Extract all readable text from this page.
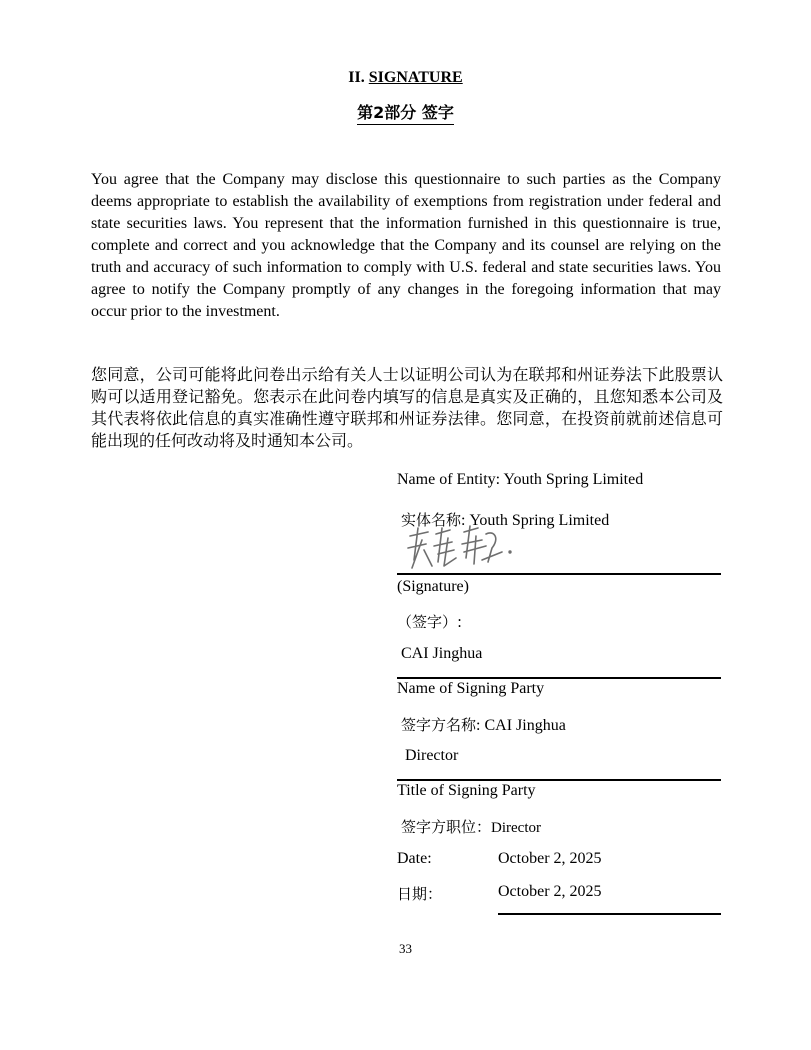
II. SIGNATURE
第2部分 签字
You agree that the Company may disclose this questionnaire to such parties as the Company deems appropriate to establish the availability of exemptions from registration under federal and state securities laws. You represent that the information furnished in this questionnaire is true, complete and correct and you acknowledge that the Company and its counsel are relying on the truth and accuracy of such information to comply with U.S. federal and state securities laws. You agree to notify the Company promptly of any changes in the foregoing information that may occur prior to the investment.
您同意，公司可能将此问卷出示给有关人士以证明公司认为在联邦和州证券法下此股票认购可以适用登记豁免。您表示在此问卷内填写的信息是真实及正确的，且您知悉本公司及其代表将依此信息的真实准确性遵守联邦和州证券法律。您同意，在投资前就前述信息可能出现的任何改动将及时通知本公司。
Name of Entity: Youth Spring Limited
实体名称: Youth Spring Limited
(Signature)
（签字）:
CAI Jinghua
Name of Signing Party
签字方名称: CAI Jinghua
Director
Title of Signing Party
签字方职位：Director
Date:	October 2, 2025
日期：	October 2, 2025
33
